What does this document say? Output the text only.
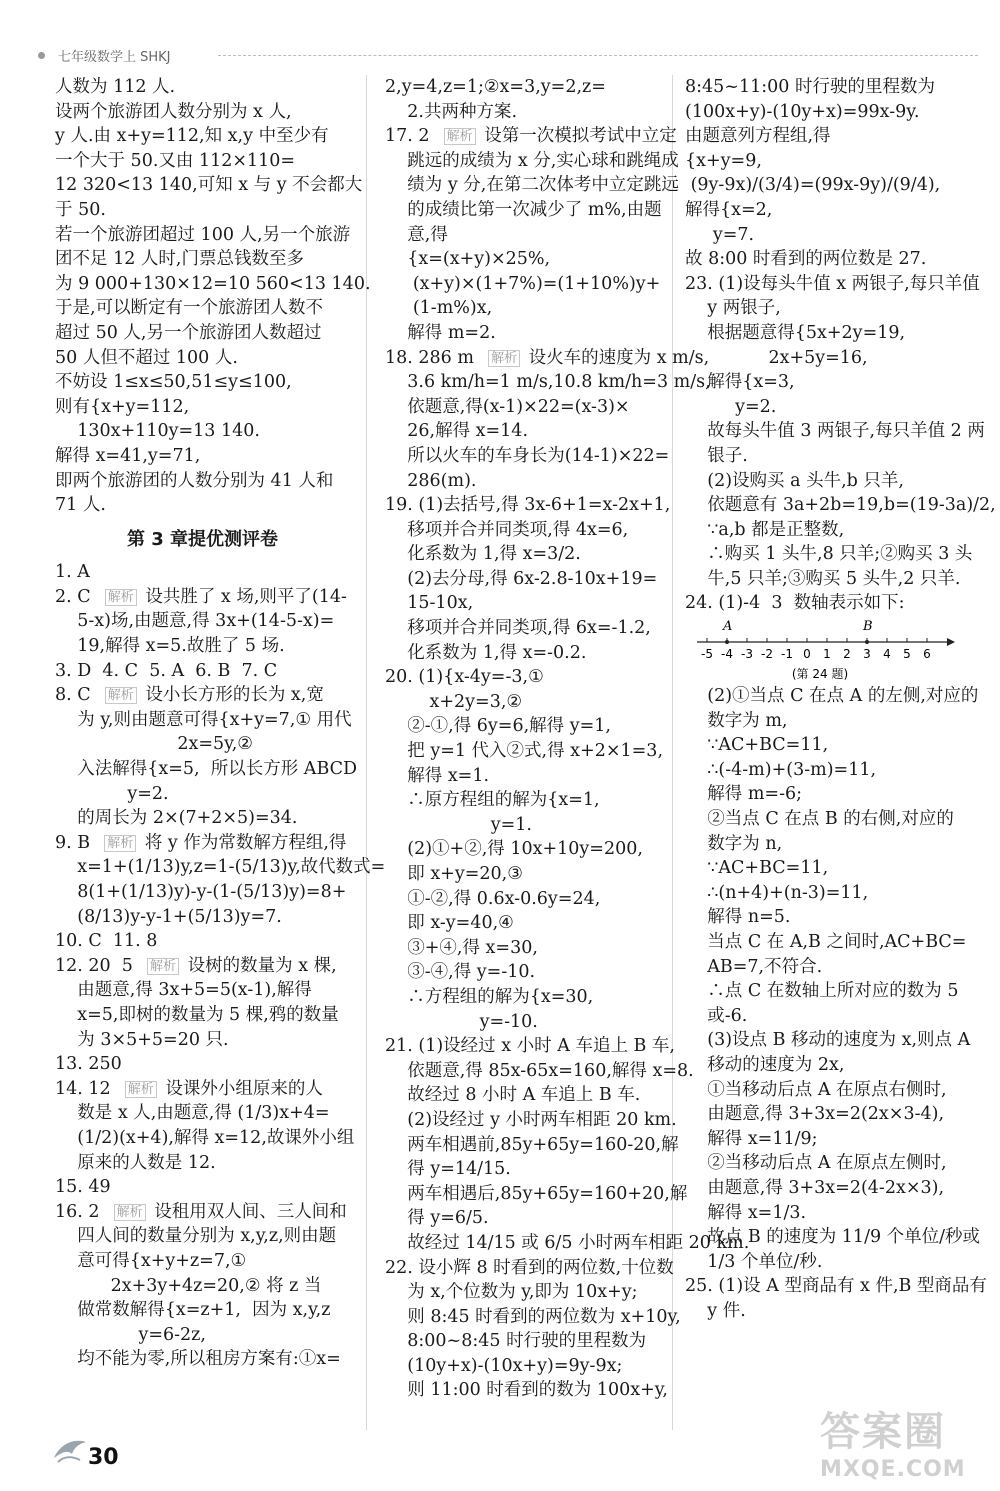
七年级数学上 SHKJ
人数为 112 人.
设两个旅游团人数分别为 x 人,
y 人.由 x+y=112,知 x,y 中至少有
一个大于 50.又由 112×110=
12 320<13 140,可知 x 与 y 不会都大
于 50.
若一个旅游团超过 100 人,另一个旅游
团不足 12 人时,门票总钱数至多
为 9 000+130×12=10 560<13 140.
于是,可以断定有一个旅游团人数不
超过 50 人,另一个旅游团人数超过
50 人但不超过 100 人.
不妨设 1≤x≤50,51≤y≤100,
则有{x+y=112,
130x+110y=13 140.
解得 x=41,y=71,
即两个旅游团的人数分别为 41 人和
71 人.
第 3 章提优测评卷
1. A
2. C  解析 设共胜了 x 场,则平了(14-
5-x)场,由题意,得 3x+(14-5-x)=
19,解得 x=5.故胜了 5 场.
3. D  4. C  5. A  6. B  7. C
8. C  解析 设小长方形的长为 x,宽
为 y,则由题意可得{x+y=7,① 用代
2x=5y,②
入法解得{x=5,  所以长方形 ABCD
y=2.
的周长为 2×(7+2×5)=34.
9. B  解析 将 y 作为常数解方程组,得
x=1+(1/13)y,z=1-(5/13)y,故代数式=
8(1+(1/13)y)-y-(1-(5/13)y)=8+
(8/13)y-y-1+(5/13)y=7.
10. C  11. 8
12. 20  5  解析 设树的数量为 x 棵,
由题意,得 3x+5=5(x-1),解得
x=5,即树的数量为 5 棵,鸦的数量
为 3×5+5=20 只.
13. 250
14. 12  解析 设课外小组原来的人
数是 x 人,由题意,得 (1/3)x+4=
(1/2)(x+4),解得 x=12,故课外小组
原来的人数是 12.
15. 49
16. 2  解析 设租用双人间、三人间和
四人间的数量分别为 x,y,z,则由题
意可得{x+y+z=7,①
2x+3y+4z=20,② 将 z 当
做常数解得{x=z+1,  因为 x,y,z
y=6-2z,
均不能为零,所以租房方案有:①x=
2,y=4,z=1;②x=3,y=2,z=
2.共两种方案.
17. 2  解析 设第一次模拟考试中立定
跳远的成绩为 x 分,实心球和跳绳成
绩为 y 分,在第二次体考中立定跳远
的成绩比第一次减少了 m%,由题
意,得
{x=(x+y)×25%,
(x+y)×(1+7%)=(1+10%)y+
(1-m%)x,
解得 m=2.
18. 286 m  解析 设火车的速度为 x m/s,
3.6 km/h=1 m/s,10.8 km/h=3 m/s,
依题意,得(x-1)×22=(x-3)×
26,解得 x=14.
所以火车的车身长为(14-1)×22=
286(m).
19. (1)去括号,得 3x-6+1=x-2x+1,
移项并合并同类项,得 4x=6,
化系数为 1,得 x=3/2.
(2)去分母,得 6x-2.8-10x+19=
15-10x,
移项并合并同类项,得 6x=-1.2,
化系数为 1,得 x=-0.2.
20. (1){x-4y=-3,①
x+2y=3,②
②-①,得 6y=6,解得 y=1,
把 y=1 代入②式,得 x+2×1=3,
解得 x=1.
∴原方程组的解为{x=1,
y=1.
(2)①+②,得 10x+10y=200,
即 x+y=20,③
①-②,得 0.6x-0.6y=24,
即 x-y=40,④
③+④,得 x=30,
③-④,得 y=-10.
∴方程组的解为{x=30,
y=-10.
21. (1)设经过 x 小时 A 车追上 B 车,
依题意,得 85x-65x=160,解得 x=8.
故经过 8 小时 A 车追上 B 车.
(2)设经过 y 小时两车相距 20 km.
两车相遇前,85y+65y=160-20,解
得 y=14/15.
两车相遇后,85y+65y=160+20,解
得 y=6/5.
故经过 14/15 或 6/5 小时两车相距 20 km.
22. 设小辉 8 时看到的两位数,十位数
为 x,个位数为 y,即为 10x+y;
则 8:45 时看到的两位数为 x+10y,
8:00~8:45 时行驶的里程数为
(10y+x)-(10x+y)=9y-9x;
则 11:00 时看到的数为 100x+y,
8:45~11:00 时行驶的里程数为
(100x+y)-(10y+x)=99x-9y.
由题意列方程组,得
{x+y=9,
(9y-9x)/(3/4)=(99x-9y)/(9/4),
解得{x=2,
y=7.
故 8:00 时看到的两位数是 27.
23. (1)设每头牛值 x 两银子,每只羊值
y 两银子,
根据题意得{5x+2y=19,
2x+5y=16,
解得{x=3,
y=2.
故每头牛值 3 两银子,每只羊值 2 两
银子.
(2)设购买 a 头牛,b 只羊,
依题意有 3a+2b=19,b=(19-3a)/2,
∵a,b 都是正整数,
∴购买 1 头牛,8 只羊;②购买 3 头
牛,5 只羊;③购买 5 头牛,2 只羊.
24. (1)-4  3  数轴表示如下:
-5 -4 -3 -2 -1 0 1 2 3 4 5 6
A	B
(第 24 题)
(2)①当点 C 在点 A 的左侧,对应的
数字为 m,
∵AC+BC=11,
∴(-4-m)+(3-m)=11,
解得 m=-6;
②当点 C 在点 B 的右侧,对应的
数字为 n,
∵AC+BC=11,
∴(n+4)+(n-3)=11,
解得 n=5.
当点 C 在 A,B 之间时,AC+BC=
AB=7,不符合.
∴点 C 在数轴上所对应的数为 5
或-6.
(3)设点 B 移动的速度为 x,则点 A
移动的速度为 2x,
①当移动后点 A 在原点右侧时,
由题意,得 3+3x=2(2x×3-4),
解得 x=11/9;
②当移动后点 A 在原点左侧时,
由题意,得 3+3x=2(4-2x×3),
解得 x=1/3.
故点 B 的速度为 11/9 个单位/秒或
1/3 个单位/秒.
25. (1)设 A 型商品有 x 件,B 型商品有
y 件.
30
答案圈
MXQE.COM
